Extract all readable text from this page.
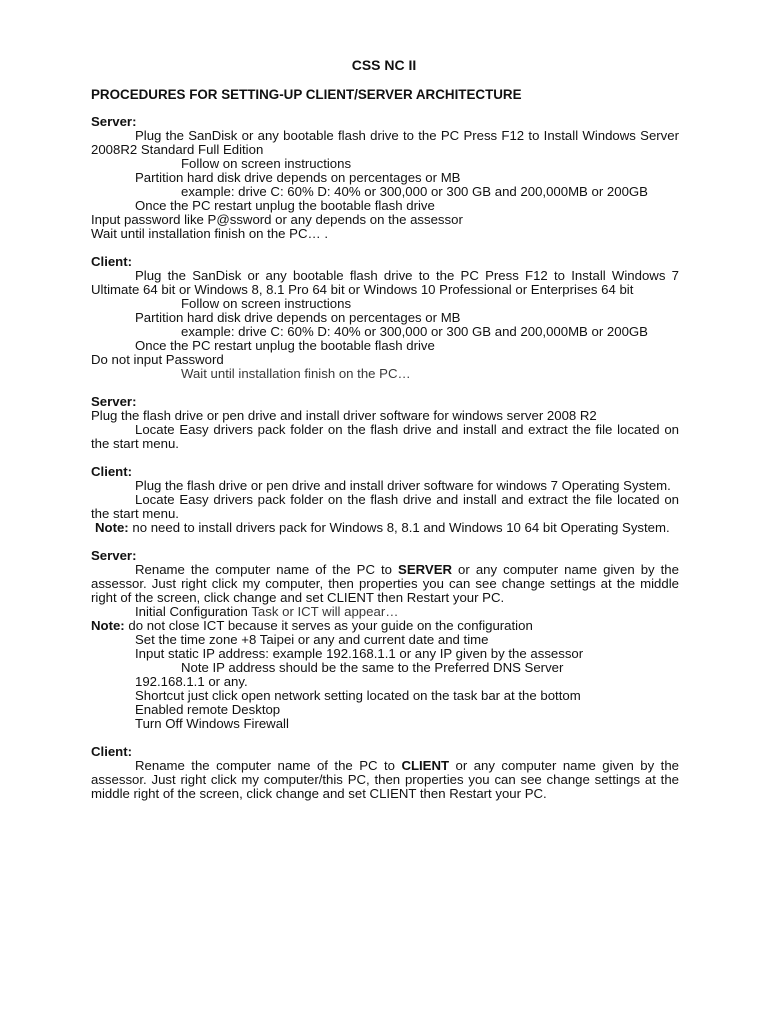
CSS NC II
PROCEDURES FOR SETTING-UP CLIENT/SERVER ARCHITECTURE
Server:
Plug the SanDisk or any bootable flash drive to the PC Press F12 to Install Windows Server 2008R2 Standard Full Edition
Follow on screen instructions
Partition hard disk drive depends on percentages or MB
example: drive C: 60% D: 40% or 300,000 or 300 GB and 200,000MB or 200GB
Once the PC restart unplug the bootable flash drive
Input password like P@ssword or any depends on the assessor
Wait until installation finish on the PC… .
Client:
Plug the SanDisk or any bootable flash drive to the PC Press F12 to Install Windows 7 Ultimate 64 bit or Windows 8, 8.1 Pro 64 bit or Windows 10 Professional or Enterprises 64 bit
Follow on screen instructions
Partition hard disk drive depends on percentages or MB
example: drive C: 60% D: 40% or 300,000 or 300 GB and 200,000MB or 200GB
Once the PC restart unplug the bootable flash drive
Do not input Password
Wait until installation finish on the PC…
Server:
Plug the flash drive or pen drive and install driver software for windows server 2008 R2
Locate Easy drivers pack folder on the flash drive and install and extract the file located on the start menu.
Client:
Plug the flash drive or pen drive and install driver software for windows 7 Operating System.
Locate Easy drivers pack folder on the flash drive and install and extract the file located on the start menu.
Note: no need to install drivers pack for Windows 8, 8.1 and Windows 10 64 bit Operating System.
Server:
Rename the computer name of the PC to SERVER or any computer name given by the assessor. Just right click my computer, then properties you can see change settings at the middle right of the screen, click change and set CLIENT then Restart your PC.
Initial Configuration Task or ICT will appear…
Note: do not close ICT because it serves as your guide on the configuration
Set the time zone +8 Taipei or any and current date and time
Input static IP address: example 192.168.1.1 or any IP given by the assessor
Note IP address should be the same to the Preferred DNS Server
192.168.1.1 or any.
Shortcut just click open network setting located on the task bar at the bottom
Enabled remote Desktop
Turn Off Windows Firewall
Client:
Rename the computer name of the PC to CLIENT or any computer name given by the assessor. Just right click my computer/this PC, then properties you can see change settings at the middle right of the screen, click change and set CLIENT then Restart your PC.
